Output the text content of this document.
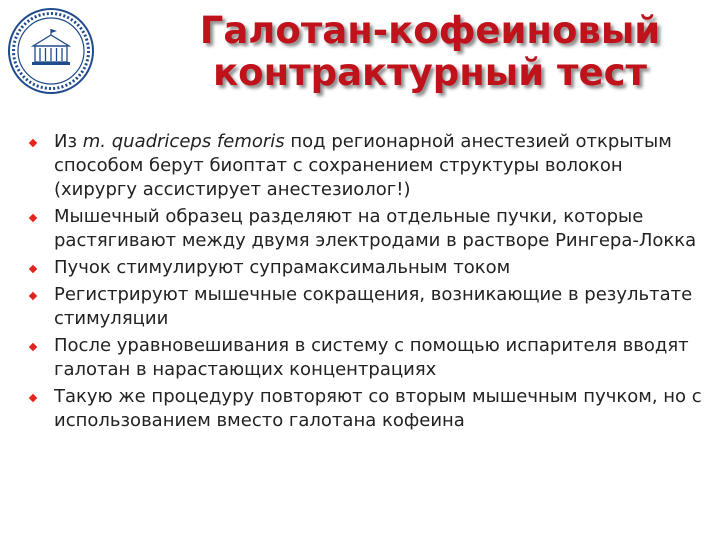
Галотан-кофеиновый
контрактурный тест
Из m. quadriceps femoris под регионарной анестезией открытым способом берут биоптат с сохранением структуры волокон (хирургу ассистирует анестезиолог!)
Мышечный образец разделяют на отдельные пучки, которые растягивают между двумя электродами в растворе Рингера-Локка
Пучок стимулируют супрамаксимальным током
Регистрируют мышечные сокращения, возникающие в результате стимуляции
После уравновешивания в систему с помощью испарителя вводят галотан в нарастающих концентрациях
Такую же процедуру повторяют со вторым мышечным пучком, но с использованием вместо галотана кофеина
